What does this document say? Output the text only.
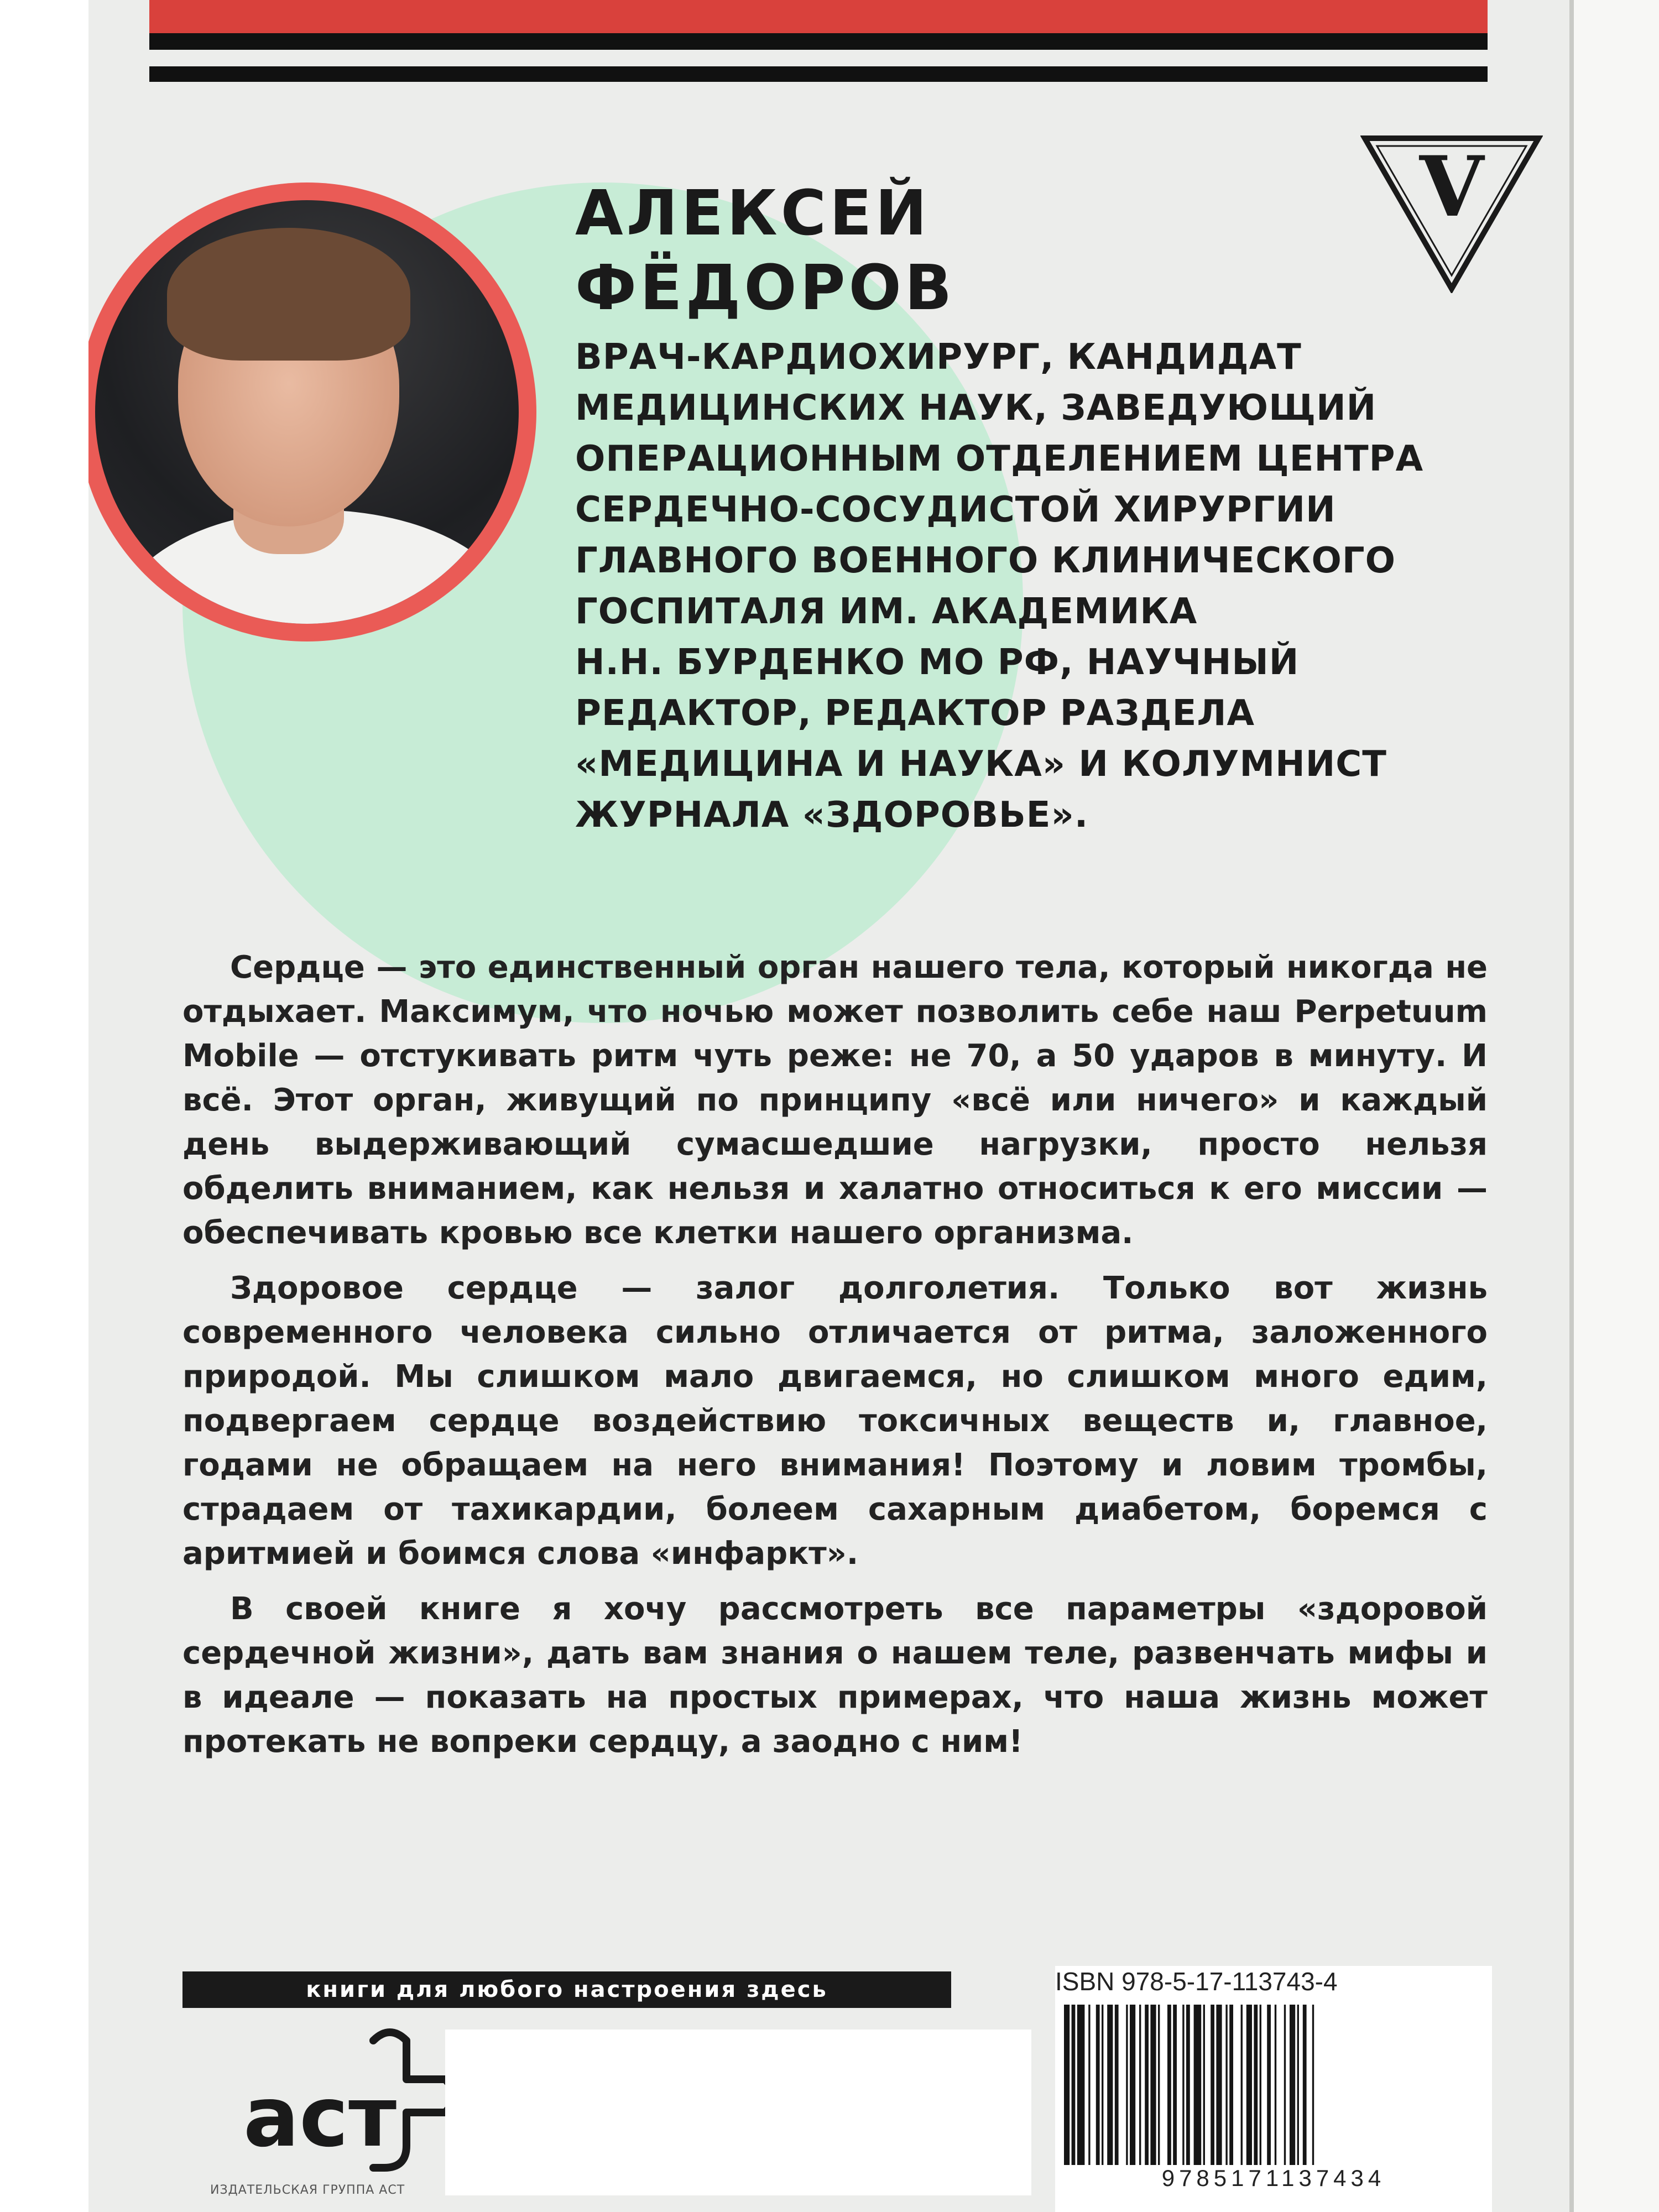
V
АЛЕКСЕЙ
ФЁДОРОВ
ВРАЧ-КАРДИОХИРУРГ, КАНДИДАТ
МЕДИЦИНСКИХ НАУК, ЗАВЕДУЮЩИЙ
ОПЕРАЦИОННЫМ ОТДЕЛЕНИЕМ ЦЕНТРА
СЕРДЕЧНО-СОСУДИСТОЙ ХИРУРГИИ
ГЛАВНОГО ВОЕННОГО КЛИНИЧЕСКОГО
ГОСПИТАЛЯ ИМ. АКАДЕМИКА
Н.Н. БУРДЕНКО МО РФ, НАУЧНЫЙ
РЕДАКТОР, РЕДАКТОР РАЗДЕЛА
«МЕДИЦИНА И НАУКА» И КОЛУМНИСТ
ЖУРНАЛА «ЗДОРОВЬЕ».

Сердце — это единственный орган нашего тела, который никогда не отдыхает. Максимум, что ночью может позволить себе наш Perpetuum Mobile — отстукивать ритм чуть реже: не 70, а 50 ударов в минуту. И всё. Этот орган, живущий по принципу «всё или ничего» и каждый день выдерживающий сумасшедшие нагрузки, просто нельзя обделить вниманием, как нельзя и халатно относиться к его миссии — обеспечивать кровью все клетки нашего организма.

Здоровое сердце — залог долголетия. Только вот жизнь современного человека сильно отличается от ритма, заложенного природой. Мы слишком мало двигаемся, но слишком много едим, подвергаем сердце воздействию токсичных веществ и, главное, годами не обращаем на него внимания! Поэтому и ловим тромбы, страдаем от тахикардии, болеем сахарным диабетом, боремся с аритмией и боимся слова «инфаркт».

В своей книге я хочу рассмотреть все параметры «здоровой сердечной жизни», дать вам знания о нашем теле, развенчать мифы и в идеале — показать на простых примерах, что наша жизнь может протекать не вопреки сердцу, а заодно с ним!

книги для любого настроения здесь
аст
ИЗДАТЕЛЬСКАЯ ГРУППА АСТ
ISBN 978-5-17-113743-4
9785171137434
